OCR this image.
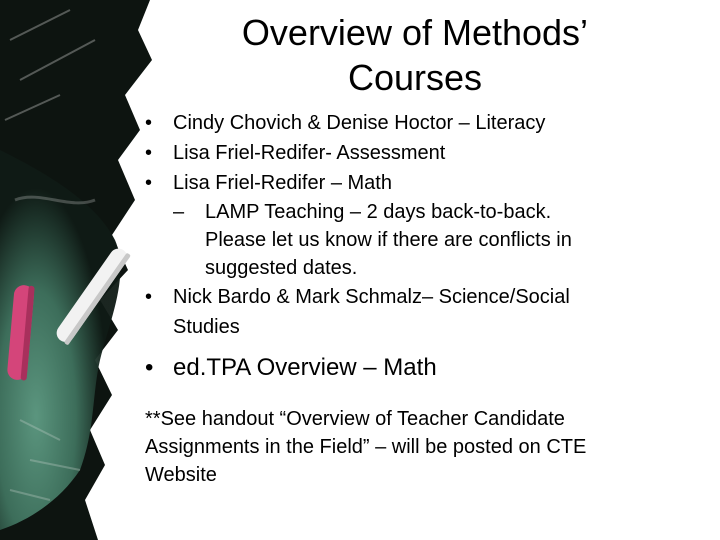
Overview of Methods’
Courses
• Cindy Chovich & Denise Hoctor – Literacy
• Lisa Friel-Redifer- Assessment
• Lisa Friel-Redifer – Math
– LAMP Teaching – 2 days back-to-back.
Please let us know if there are conflicts in
suggested dates.
• Nick Bardo & Mark Schmalz– Science/Social
Studies
• ed.TPA Overview – Math
**See handout “Overview of Teacher Candidate
Assignments in the Field” – will be posted on CTE
Website
